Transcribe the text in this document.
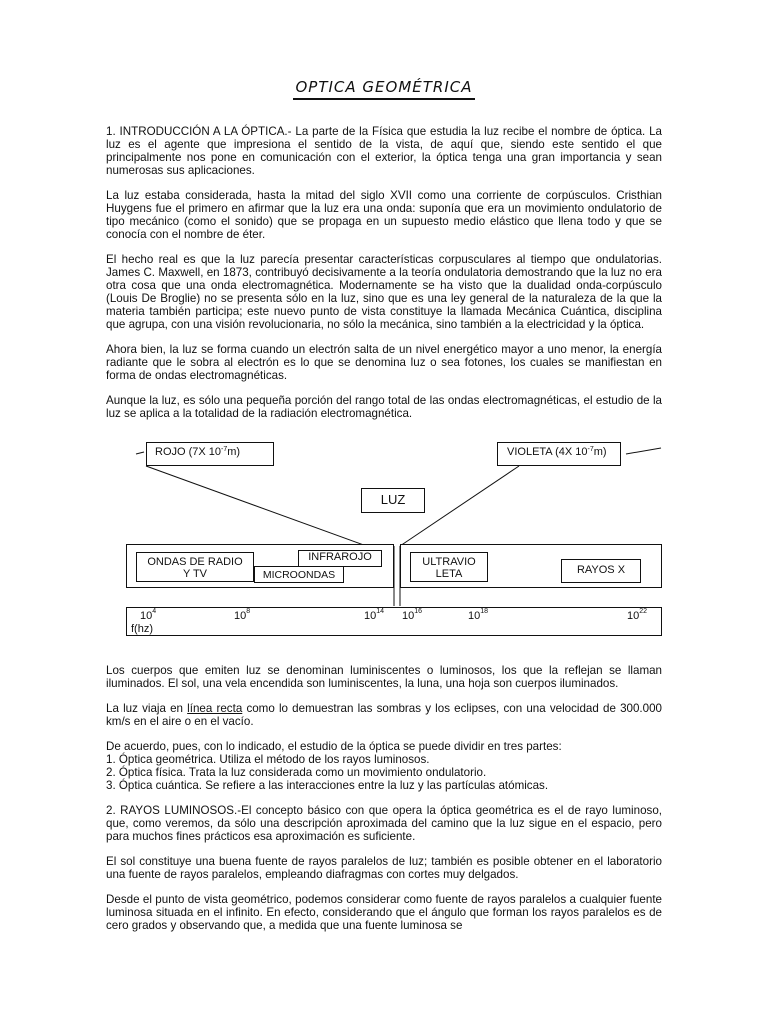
OPTICA GEOMÉTRICA

1. INTRODUCCIÓN A LA ÓPTICA.- La parte de la Física que estudia la luz recibe el nombre de óptica. La luz es el agente que impresiona el sentido de la vista, de aquí que, siendo este sentido el que principalmente nos pone en comunicación con el exterior, la óptica tenga una gran importancia y sean numerosas sus aplicaciones.

La luz estaba considerada, hasta la mitad del siglo XVII como una corriente de corpúsculos. Cristhian Huygens fue el primero en afirmar que la luz era una onda: suponía que era un movimiento ondulatorio de tipo mecánico (como el sonido) que se propaga en un supuesto medio elástico que llena todo y que se conocía con el nombre de éter.

El hecho real es que la luz parecía presentar características corpusculares al tiempo que ondulatorias. James C. Maxwell, en 1873, contribuyó decisivamente a la teoría ondulatoria demostrando que la luz no era otra cosa que una onda electromagnética. Modernamente se ha visto que la dualidad onda-corpúsculo (Louis De Broglie) no se presenta sólo en la luz, sino que es una ley general de la naturaleza de la que la materia también participa; este nuevo punto de vista constituye la llamada Mecánica Cuántica, disciplina que agrupa, con una visión revolucionaria, no sólo la mecánica, sino también a la electricidad y la óptica.

Ahora bien, la luz se forma cuando un electrón salta de un nivel energético mayor a uno menor, la energía radiante que le sobra al electrón es lo que se denomina luz o sea fotones, los cuales se manifiestan en forma de ondas electromagnéticas.

Aunque la luz, es sólo una pequeña porción del rango total de las ondas electromagnéticas, el estudio de la luz se aplica a la totalidad de la radiación electromagnética.

ROJO (7X $10^{-7}m$)	VIOLETA (4X $10^{-7}m$)
LUZ
ONDAS DE RADIO
Y TV
INFRAROJO
MICROONDAS
ULTRAVIO
LETA	RAYOS X
$10^4$	$10^8$	$10^{14}$ $10^{16}$	$10^{18}$	$10^{22}$
f(hz)

Los cuerpos que emiten luz se denominan luminiscentes o luminosos, los que la reflejan se llaman iluminados. El sol, una vela encendida son luminiscentes, la luna, una hoja son cuerpos iluminados.

La luz viaja en línea recta como lo demuestran las sombras y los eclipses, con una velocidad de 300.000 km/s en el aire o en el vacío.

De acuerdo, pues, con lo indicado, el estudio de la óptica se puede dividir en tres partes:
1. Óptica geométrica. Utiliza el método de los rayos luminosos.
2. Óptica física. Trata la luz considerada como un movimiento ondulatorio.
3. Óptica cuántica. Se refiere a las interacciones entre la luz y las partículas atómicas.

2. RAYOS LUMINOSOS.-El concepto básico con que opera la óptica geométrica es el de rayo luminoso, que, como veremos, da sólo una descripción aproximada del camino que la luz sigue en el espacio, pero para muchos fines prácticos esa aproximación es suficiente.

El sol constituye una buena fuente de rayos paralelos de luz; también es posible obtener en el laboratorio una fuente de rayos paralelos, empleando diafragmas con cortes muy delgados.

Desde el punto de vista geométrico, podemos considerar como fuente de rayos paralelos a cualquier fuente luminosa situada en el infinito. En efecto, considerando que el ángulo que forman los rayos paralelos es de cero grados y observando que, a medida que una fuente luminosa se
